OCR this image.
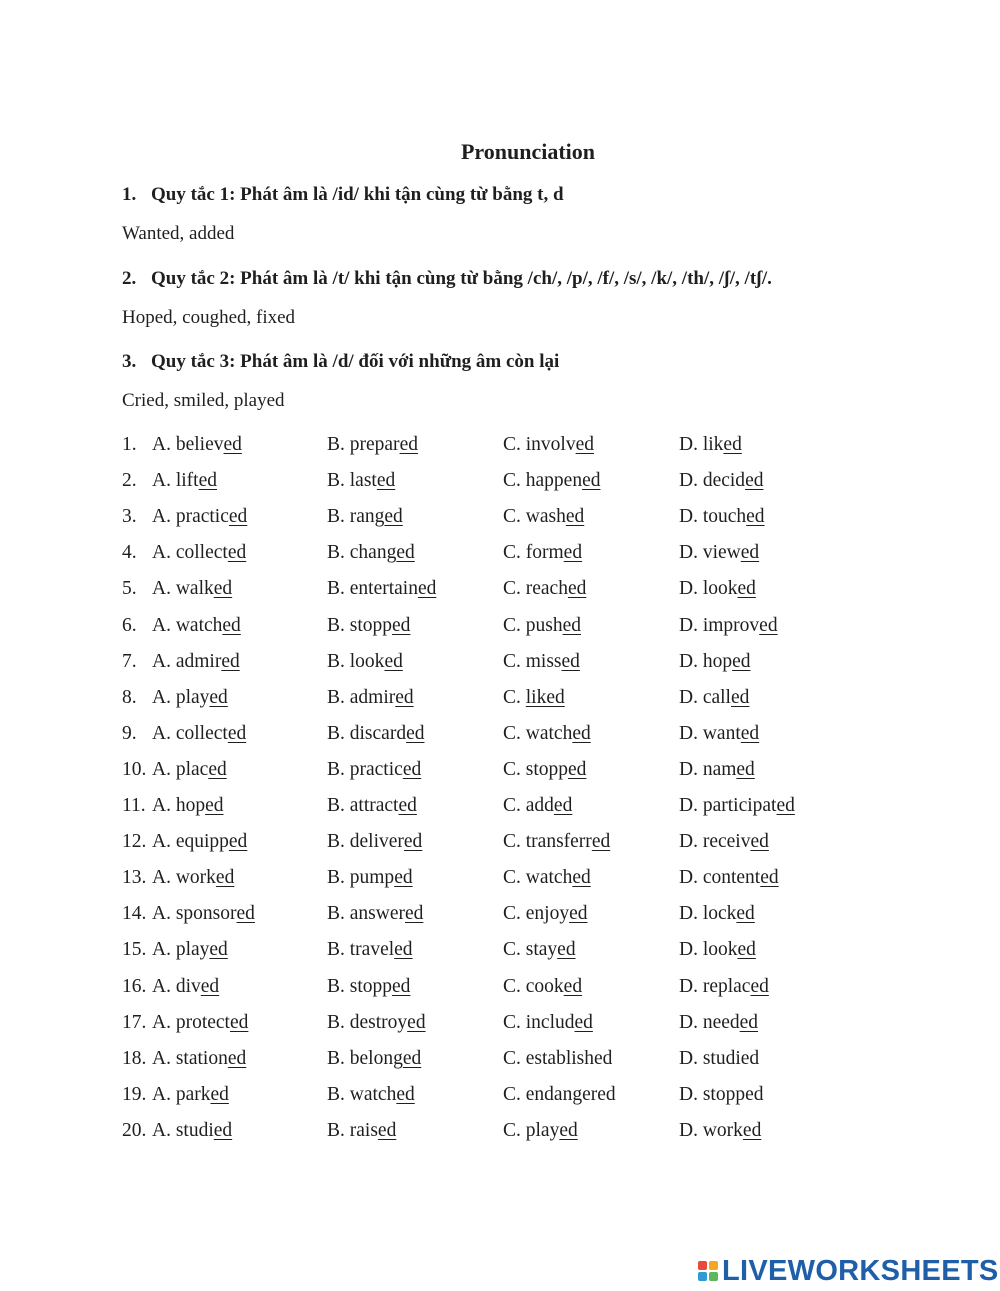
Pronunciation
1. Quy tắc 1: Phát âm là /id/ khi tận cùng từ bằng t, d
Wanted, added
2. Quy tắc 2: Phát âm là /t/ khi tận cùng từ bằng /ch/, /p/, /f/, /s/, /k/, /th/, /ʃ/, /tʃ/.
Hoped, coughed, fixed
3. Quy tắc 3: Phát âm là /d/ đối với những âm còn lại
Cried, smiled, played
1. A. believed	B. prepared	C. involved	D. liked
2. A. lifted	B. lasted	C. happened	D. decided
3. A. practiced	B. ranged	C. washed	D. touched
4. A. collected	B. changed	C. formed	D. viewed
5. A. walked	B. entertained	C. reached	D. looked
6. A. watched	B. stopped	C. pushed	D. improved
7. A. admired	B. looked	C. missed	D. hoped
8. A. played	B. admired	C. liked	D. called
9. A. collected	B. discarded	C. watched	D. wanted
10. A. placed	B. practiced	C. stopped	D. named
11. A. hoped	B. attracted	C. added	D. participated
12. A. equipped	B. delivered	C. transferred	D. received
13. A. worked	B. pumped	C. watched	D. contented
14. A. sponsored	B. answered	C. enjoyed	D. locked
15. A. played	B. traveled	C. stayed	D. looked
16. A. dived	B. stopped	C. cooked	D. replaced
17. A. protected	B. destroyed	C. included	D. needed
18. A. stationed	B. belonged	C. established	D. studied
19. A. parked	B. watched	C. endangered	D. stopped
20. A. studied	B. raised	C. played	D. worked
LIVEWORKSHEETS
